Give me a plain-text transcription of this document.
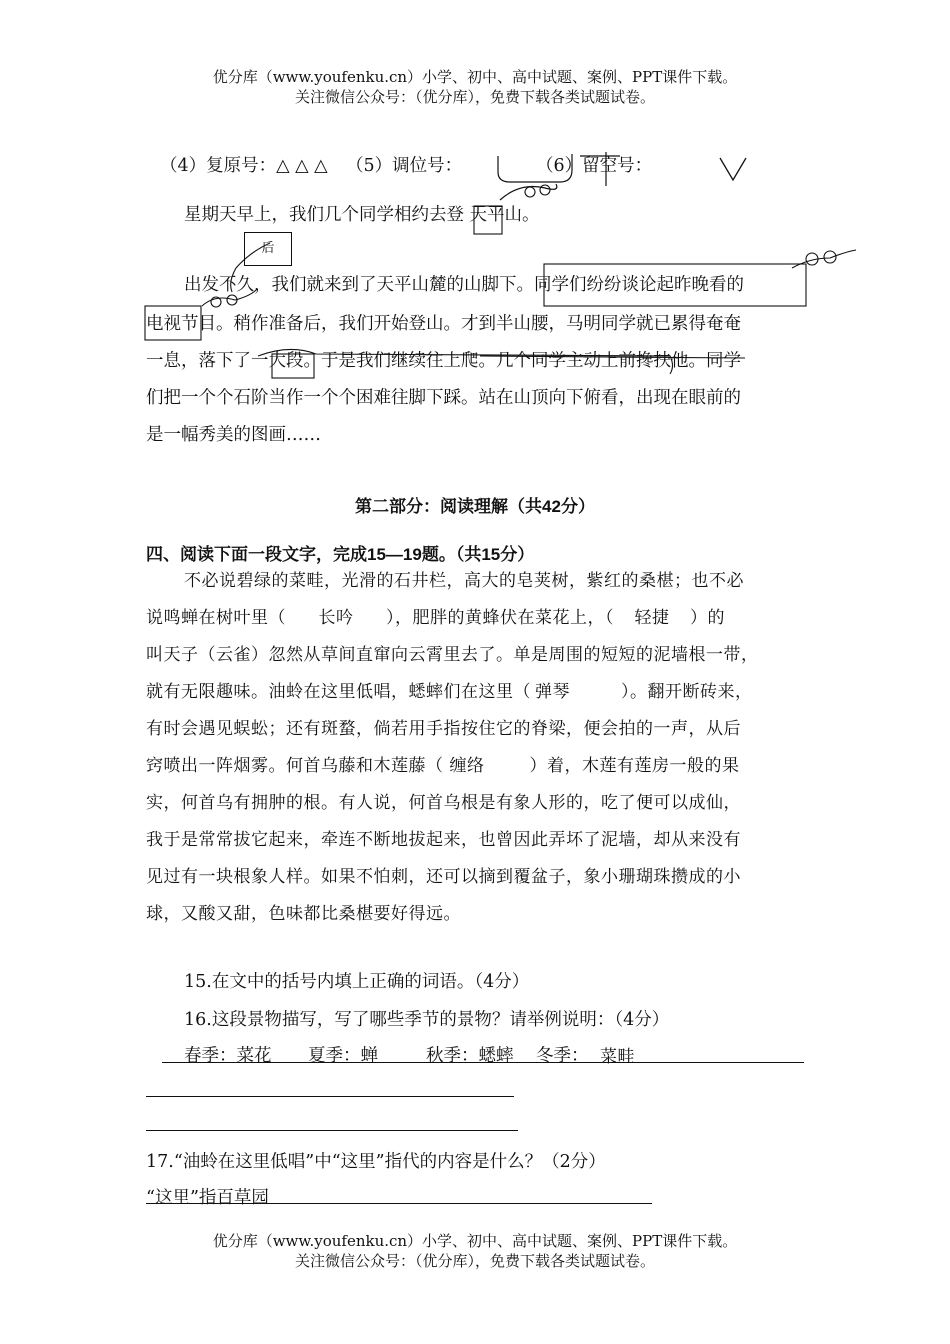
优分库（www.youfenku.cn）小学、初中、高中试题、案例、PPT课件下载。
关注微信公众号：（优分库），免费下载各类试题试卷。
（4）复原号：△ △ △ （5）调位号：	（6）留空号：
星期天早上，我们几个同学相约去登 天平山。
后
出发不久，我们就来到了天平山麓的山脚下。同学们纷纷谈论起昨晚看的
电视节目。稍作准备后，我们开始登山。才到半山腰，马明同学就已累得奄奄
一息，落下了一大段。于是我们继续往上爬。几个同学主动上前搀扶他。同学
们把一个个石阶当作一个个困难往脚下踩。站在山顶向下俯看，出现在眼前的
是一幅秀美的图画……
第二部分：阅读理解（共42分）
四、阅读下面一段文字，完成15—19题。（共15分）
不必说碧绿的菜畦，光滑的石井栏，高大的皂荚树，紫红的桑椹；也不必
说鸣蝉在树叶里（ 长吟 ），肥胖的黄蜂伏在菜花上，（ 轻捷 ）的
叫天子（云雀）忽然从草间直窜向云霄里去了。单是周围的短短的泥墙根一带，
就有无限趣味。油蛉在这里低唱，蟋蟀们在这里（ 弹琴	）。翻开断砖来，
有时会遇见蜈蚣；还有斑蝥，倘若用手指按住它的脊梁，便会拍的一声，从后
窍喷出一阵烟雾。何首乌藤和木莲藤（ 缠络	）着，木莲有莲房一般的果
实，何首乌有拥肿的根。有人说，何首乌根是有象人形的，吃了便可以成仙，
我于是常常拔它起来，牵连不断地拔起来，也曾因此弄坏了泥墙，却从来没有
见过有一块根象人样。如果不怕刺，还可以摘到覆盆子，象小珊瑚珠攒成的小
球，又酸又甜，色味都比桑椹要好得远。
15.在文中的括号内填上正确的词语。（4分）
16.这段景物描写，写了哪些季节的景物？请举例说明：（4分）
春季：菜花 夏季：蝉	秋季：蟋蟀 冬季： 菜畦
17.“油蛉在这里低唱”中“这里”指代的内容是什么？（2分）
“这里”指百草园
优分库（www.youfenku.cn）小学、初中、高中试题、案例、PPT课件下载。
关注微信公众号：（优分库），免费下载各类试题试卷。
